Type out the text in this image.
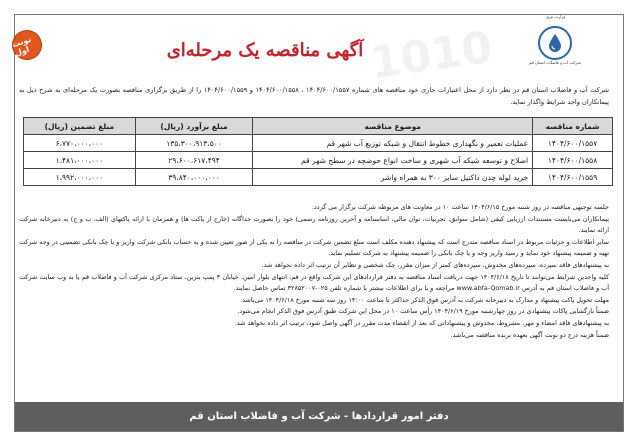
1010
نوبت اول	آگهی مناقصه یک مرحله‌ای
وزارت نیرو
شرکت آب و فاضلاب استان قم
شرکت آب و فاضلاب استان قم در نظر دارد از محل اعتبارات جاری خود مناقصه های شماره ۱۴۰۴/۶۰۰/۱۵۵۷ ، ۱۴۰۴/۶۰۰/۱۵۵۸ و ۱۴۰۴/۶۰۰/۱۵۵۹ را از طریق برگزاری مناقصه بصورت یک مرحله‌ای به شرح ذیل به پیمانکاران واجد شرایط واگذار نماید.
شماره مناقصه	موضوع مناقصه	مبلغ برآورد (ریال)	مبلغ تضمین (ریال)
۱۴۰۴/۶۰۰/۱۵۵۷	عملیات تعمیر و نگهداری خطوط انتقال و شبکه توزیع آب شهر قم	۱۳۵،۳۰۰،۹۱۳،۵۰۰	۶،۷۷۰،۰۰۰،۰۰۰
۱۴۰۴/۶۰۰/۱۵۵۸	اصلاح و توسعه شبکه آب شهری و ساخت انواع حوضچه در سطح شهر قم	۲۹،۶۰۰،۶۱۷،۴۹۴	۱،۴۸۱،۰۰۰،۰۰۰
۱۴۰۴/۶۰۰/۱۵۵۹	خرید لوله چدن داکتیل سایز ۳۰۰ به همراه واشر	۳۹،۸۴۰،۰۰۰،۰۰۰	۱،۹۹۲،۰۰۰،۰۰۰

جلسه توجیهی مناقصه در روز شنبه مورخ ۱۴۰۴/۶/۱۵ ساعت ۱۰ در معاونت های مربوطه شرکت برگزار می گردد.

پیمانکاران می‌بایست مستندات ارزیابی کیفی (شامل سوابق، تجربیات، توان مالی، اساسنامه و آخرین روزنامه رسمی) خود را بصورت جداگانه (خارج از پاکت ها) و همزمان با ارائه پاکتهای (الف، ب و ج) به دبیرخانه شرکت ارائه نمایند.

سایر اطلاعات و جزئیات مربوط در اسناد مناقصه مندرج است که پیشنهاد دهنده مکلف است مبلغ تضمین شرکت در مناقصه را به یکی از صور تعیین شده و به حساب بانکی شرکت واریز و یا چک بانکی تضمینی در وجه شرکت تهیه و ضمیمه پیشنهاد خود نماید و رسید واریز وجه و یا چک بانکی را ضمیمه پیشنهاد به شرکت تسلیم نماید.

به پیشنهادهای فاقد سپرده، سپرده‌های مخدوش، سپرده‌های کمتر از میزان مقرر، چک شخصی و نظایر آن ترتیب اثر داده نخواهد شد.

کلیه واجدین شرایط می‌توانند تا تاریخ ۱۴۰۴/۶/۱۸ جهت دریافت اسناد مناقصه به دفتر قراردادهای این شرکت واقع در قم، انتهای بلوار امین، خیابان ۳ پمپ بنزین، ستاد مرکزی شرکت آب و فاضلاب قم یا به وب سایت شرکت آب و فاضلاب استان قم به آدرس www.abfa-Qomab.ir مراجعه و یا برای اطلاعات بیشتر با شماره تلفن ۰۲۵-۳۲۸۵۲۰۰۷ تماس حاصل نمایند.

مهلت تحویل پاکت پیشنهاد و مدارک به دبیرخانه شرکت به آدرس فوق الذکر حداکثر تا ساعت ۱۴:۰۰ روز سه شنبه مورخ ۱۴۰۴/۶/۱۸ می‌باشد.

ضمناً بازگشایی پاکات پیشنهادی در روز چهارشنبه مورخ ۱۴۰۴/۶/۱۹ رأس ساعت ۱۰ در محل این شرکت طبق آدرس فوق الذکر انجام می‌شود.

به پیشنهادهای فاقد امضاء و مهر، مشروط، مخدوش و پیشنهاداتی که بعد از انقضاء مدت مقرر در آگهی واصل شود، ترتیب اثر داده نخواهد شد.

ضمناً هزینه درج دو نوبت آگهی بعهده برنده مناقصه می‌باشد.

دفتر امور قراردادها - شرکت آب و فاضلاب استان قم
